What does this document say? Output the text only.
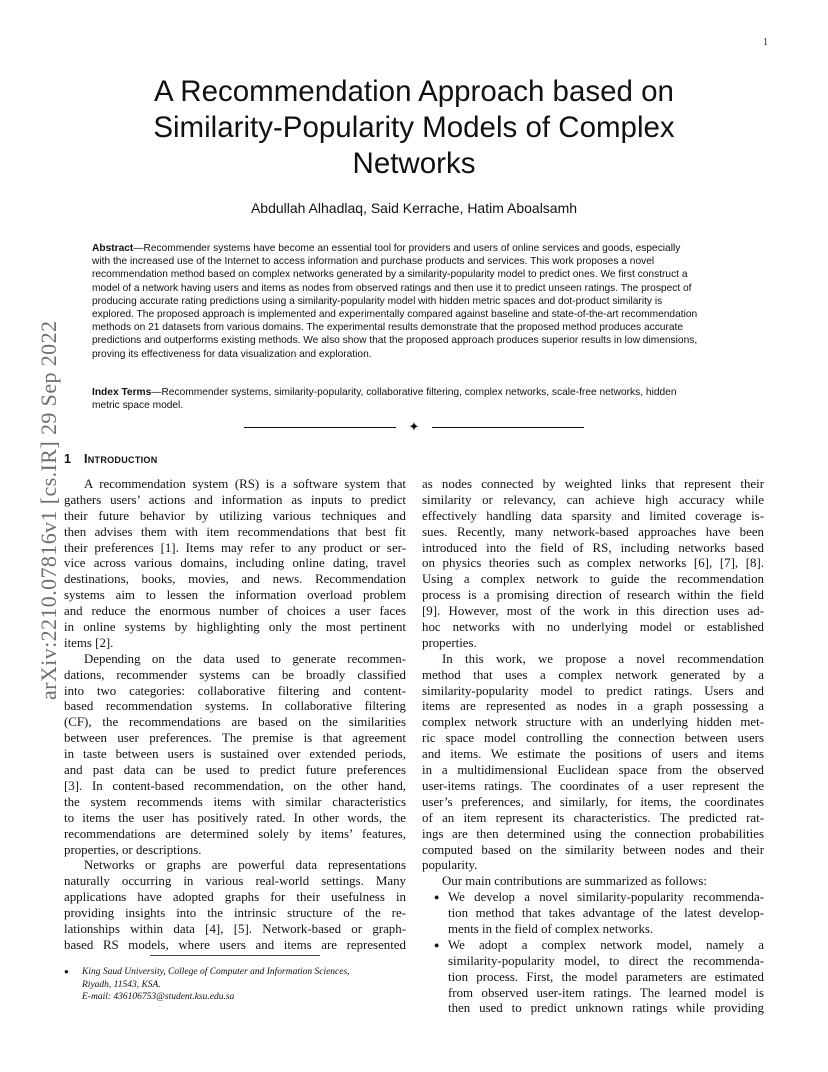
1
arXiv:2210.07816v1 [cs.IR] 29 Sep 2022
A Recommendation Approach based on
Similarity-Popularity Models of Complex
Networks
Abdullah Alhadlaq, Said Kerrache, Hatim Aboalsamh
Abstract—Recommender systems have become an essential tool for providers and users of online services and goods, especially
with the increased use of the Internet to access information and purchase products and services. This work proposes a novel
recommendation method based on complex networks generated by a similarity-popularity model to predict ones. We first construct a
model of a network having users and items as nodes from observed ratings and then use it to predict unseen ratings. The prospect of
producing accurate rating predictions using a similarity-popularity model with hidden metric spaces and dot-product similarity is
explored. The proposed approach is implemented and experimentally compared against baseline and state-of-the-art recommendation
methods on 21 datasets from various domains. The experimental results demonstrate that the proposed method produces accurate
predictions and outperforms existing methods. We also show that the proposed approach produces superior results in low dimensions,
proving its effectiveness for data visualization and exploration.
Index Terms—Recommender systems, similarity-popularity, collaborative filtering, complex networks, scale-free networks, hidden
metric space model.
✦
1 Introduction
A recommendation system (RS) is a software system that
gathers users’ actions and information as inputs to predict
their future behavior by utilizing various techniques and
then advises them with item recommendations that best fit
their preferences [1]. Items may refer to any product or ser-
vice across various domains, including online dating, travel
destinations, books, movies, and news. Recommendation
systems aim to lessen the information overload problem
and reduce the enormous number of choices a user faces
in online systems by highlighting only the most pertinent
items [2].
Depending on the data used to generate recommen-
dations, recommender systems can be broadly classified
into two categories: collaborative filtering and content-
based recommendation systems. In collaborative filtering
(CF), the recommendations are based on the similarities
between user preferences. The premise is that agreement
in taste between users is sustained over extended periods,
and past data can be used to predict future preferences
[3]. In content-based recommendation, on the other hand,
the system recommends items with similar characteristics
to items the user has positively rated. In other words, the
recommendations are determined solely by items’ features,
properties, or descriptions.
Networks or graphs are powerful data representations
naturally occurring in various real-world settings. Many
applications have adopted graphs for their usefulness in
providing insights into the intrinsic structure of the re-
lationships within data [4], [5]. Network-based or graph-
based RS models, where users and items are represented
as nodes connected by weighted links that represent their
similarity or relevancy, can achieve high accuracy while
effectively handling data sparsity and limited coverage is-
sues. Recently, many network-based approaches have been
introduced into the field of RS, including networks based
on physics theories such as complex networks [6], [7], [8].
Using a complex network to guide the recommendation
process is a promising direction of research within the field
[9]. However, most of the work in this direction uses ad-
hoc networks with no underlying model or established
properties.
In this work, we propose a novel recommendation
method that uses a complex network generated by a
similarity-popularity model to predict ratings. Users and
items are represented as nodes in a graph possessing a
complex network structure with an underlying hidden met-
ric space model controlling the connection between users
and items. We estimate the positions of users and items
in a multidimensional Euclidean space from the observed
user-items ratings. The coordinates of a user represent the
user’s preferences, and similarly, for items, the coordinates
of an item represent its characteristics. The predicted rat-
ings are then determined using the connection probabilities
computed based on the similarity between nodes and their
popularity.
Our main contributions are summarized as follows:
● We develop a novel similarity-popularity recommenda-
tion method that takes advantage of the latest develop-
ments in the field of complex networks.
● We adopt a complex network model, namely a
similarity-popularity model, to direct the recommenda-
tion process. First, the model parameters are estimated
from observed user-item ratings. The learned model is
then used to predict unknown ratings while providing
●	King Saud University, College of Computer and Information Sciences,
Riyadh, 11543, KSA.
E-mail: 436106753@student.ksu.edu.sa
